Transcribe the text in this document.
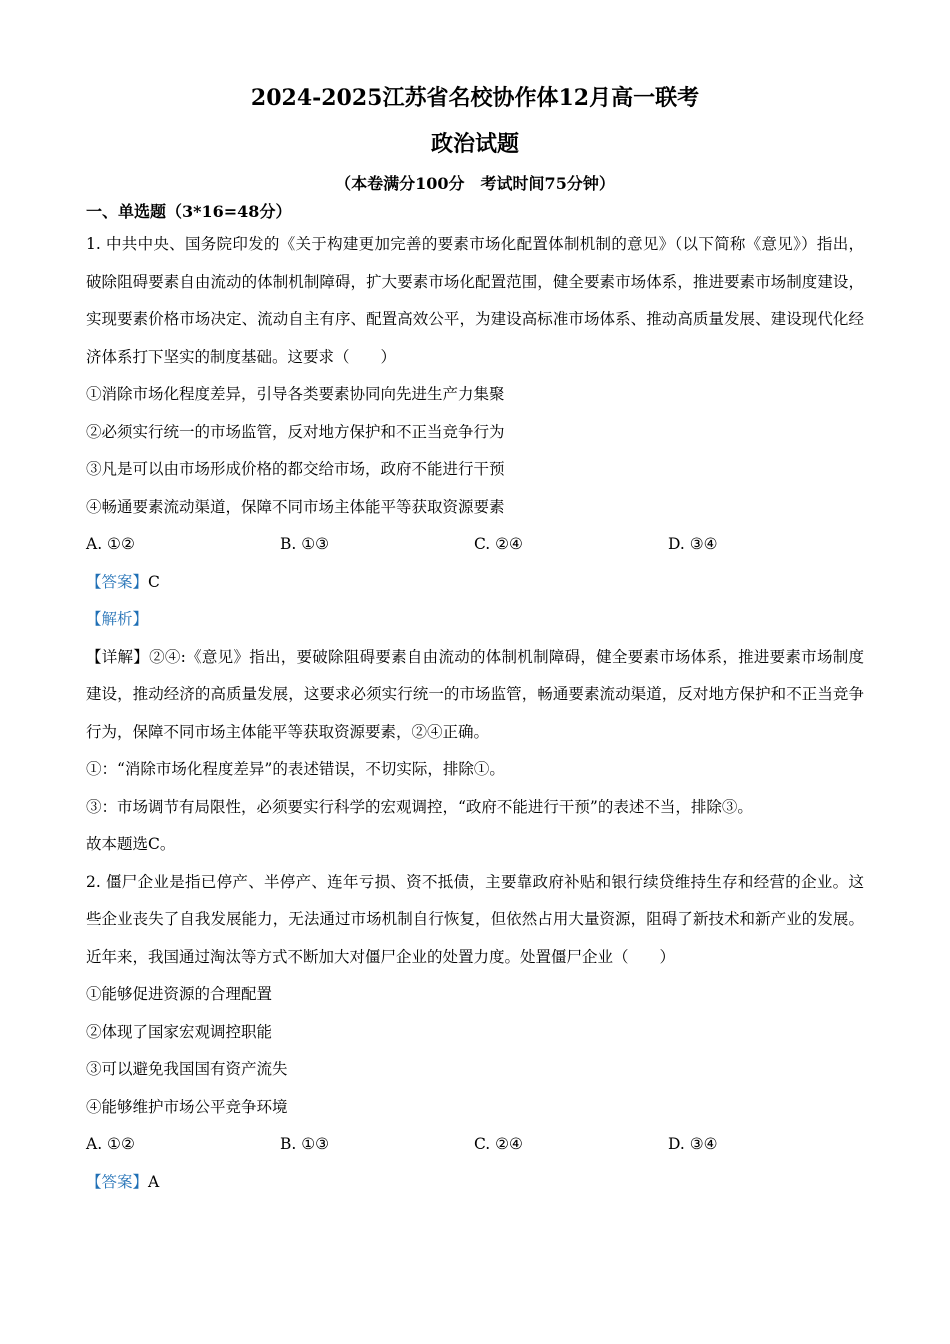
2024-2025江苏省名校协作体12月高一联考
政治试题

（本卷满分100分　考试时间75分钟）

一、单选题（3*16=48分）

1. 中共中央、国务院印发的《关于构建更加完善的要素市场化配置体制机制的意见》（以下简称《意见》）指出，破除阻碍要素自由流动的体制机制障碍，扩大要素市场化配置范围，健全要素市场体系，推进要素市场制度建设，实现要素价格市场决定、流动自主有序、配置高效公平，为建设高标准市场体系、推动高质量发展、建设现代化经济体系打下坚实的制度基础。这要求（　　）

①消除市场化程度差异，引导各类要素协同向先进生产力集聚

②必须实行统一的市场监管，反对地方保护和不正当竞争行为

③凡是可以由市场形成价格的都交给市场，政府不能进行干预

④畅通要素流动渠道，保障不同市场主体能平等获取资源要素

A. ①②	B. ①③	C. ②④	D. ③④

【答案】C

【解析】

【详解】②④:《意见》指出，要破除阻碍要素自由流动的体制机制障碍，健全要素市场体系，推进要素市场制度建设，推动经济的高质量发展，这要求必须实行统一的市场监管，畅通要素流动渠道，反对地方保护和不正当竞争行为，保障不同市场主体能平等获取资源要素，②④正确。

①：“消除市场化程度差异”的表述错误，不切实际，排除①。

③：市场调节有局限性，必须要实行科学的宏观调控，“政府不能进行干预”的表述不当，排除③。

故本题选C。

2. 僵尸企业是指已停产、半停产、连年亏损、资不抵债，主要靠政府补贴和银行续贷维持生存和经营的企业。这些企业丧失了自我发展能力，无法通过市场机制自行恢复，但依然占用大量资源，阻碍了新技术和新产业的发展。近年来，我国通过淘汰等方式不断加大对僵尸企业的处置力度。处置僵尸企业（　　）

①能够促进资源的合理配置

②体现了国家宏观调控职能

③可以避免我国国有资产流失

④能够维护市场公平竞争环境

A. ①②	B. ①③	C. ②④	D. ③④

【答案】A
